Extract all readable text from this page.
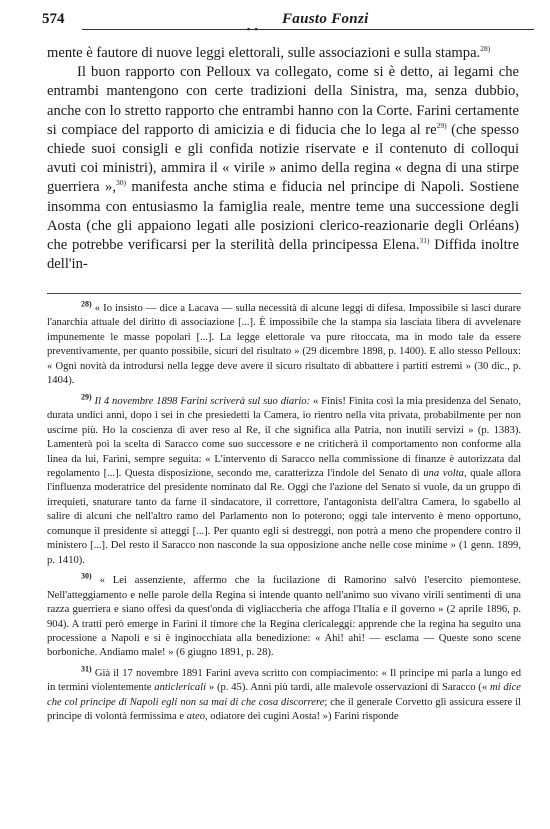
574
▪ ▪
Fausto Fonzi

mente è fautore di nuove leggi elettorali, sulle associazioni e sulla stampa.$^{28)}$

Il buon rapporto con Pelloux va collegato, come si è detto, ai legami che entrambi mantengono con certe tradizioni della Sinistra, ma, senza dubbio, anche con lo stretto rapporto che entrambi hanno con la Corte. Farini certamente si compiace del rapporto di amicizia e di fiducia che lo lega al $re^{29)}$ (che spesso chiede suoi consigli e gli confida notizie riservate e il contenuto di colloqui avuti coi ministri), ammira il « virile » animo della regina « degna di una stirpe guerriera »,$^{30)}$ manifesta anche stima e fiducia nel principe di Napoli. Sostiene insomma con entusiasmo la famiglia reale, mentre teme una successione degli Aosta (che gli appaiono legati alle posizioni clerico-reazionarie degli Orléans) che potrebbe verificarsi per la sterilità della principessa Elena.$^{31)}$ Diffida inoltre dell'in-

$^{28)}$ « Io insisto — dice a Lacava — sulla necessità di alcune leggi di difesa. Impossibile si lasci durare l'anarchia attuale del diritto di associazione [...]. È impossibile che la stampa sia lasciata libera di avvelenare impunemente le masse popolari [...]. La legge elettorale va pure ritoccata, ma in modo tale da essere preventivamente, per quanto possibile, sicuri del risultato » (29 dicembre 1898, p. 1400). E allo stesso Pelloux: « Ogni novità da introdursi nella legge deve avere il sicuro risultato di abbattere i partiti estremi » (30 dic., p. 1404).

$^{29)}$ Il 4 novembre 1898 Farini scriverà sul suo diario: « Finis! Finita così la mia presidenza del Senato, durata undici anni, dopo i sei in che presiedetti la Camera, io rientro nella vita privata, probabilmente per non uscirne più. Ho la coscienza di aver reso al Re, il che significa alla Patria, non inutili servizi » (p. 1383). Lamenterà poi la scelta di Saracco come suo successore e ne criticherà il comportamento non conforme alla linea da lui, Farini, sempre seguita: « L'intervento di Saracco nella commissione di finanze è autorizzata dal regolamento [...]. Questa disposizione, secondo me, caratterizza l'indole del Senato di una volta, quale allora l'influenza moderatrice del presidente nominato dal Re. Oggi che l'azione del Senato si vuole, da un gruppo di irrequieti, snaturare tanto da farne il sindacatore, il correttore, l'antagonista dell'altra Camera, lo sgabello al salire di alcuni che nell'altro ramo del Parlamento non lo poterono; oggi tale intervento è meno opportuno, comunque il presidente si atteggi [...]. Per quanto egli si destreggi, non potrà a meno che propendere contro il ministero [...]. Del resto il Saracco non nasconde la sua opposizione anche nelle cose minime » (1 genn. 1899, p. 1410).

$^{30)}$ « Lei assenziente, affermo che la fucilazione di Ramorino salvò l'esercito piemontese. Nell'atteggiamento e nelle parole della Regina si intende quanto nell'animo suo vivano virili sentimenti di una razza guerriera e siano offesi da quest'onda di vigliaccheria che affoga l'Italia e il governo » (2 aprile 1896, p. 904). A tratti però emerge in Farini il timore che la Regina clericaleggi: apprende che la regina ha seguito una processione a Napoli e si è inginocchiata alla benedizione: « Ahi! ahi! — esclama — Queste sono scene borboniche. Andiamo male! » (6 giugno 1891, p. 28).

$^{31)}$ Già il 17 novembre 1891 Farini aveva scritto con compiacimento: « Il principe mi parla a lungo ed in termini violentemente anticlericali » (p. 45). Anni più tardi, alle malevole osservazioni di Saracco (« mi dice che col principe di Napoli egli non sa mai di che cosa discorrere; che il generale Corvetto gli assicura essere il principe di volontà fermissima e ateo, odiatore dei cugini Aosta! ») Farini risponde
